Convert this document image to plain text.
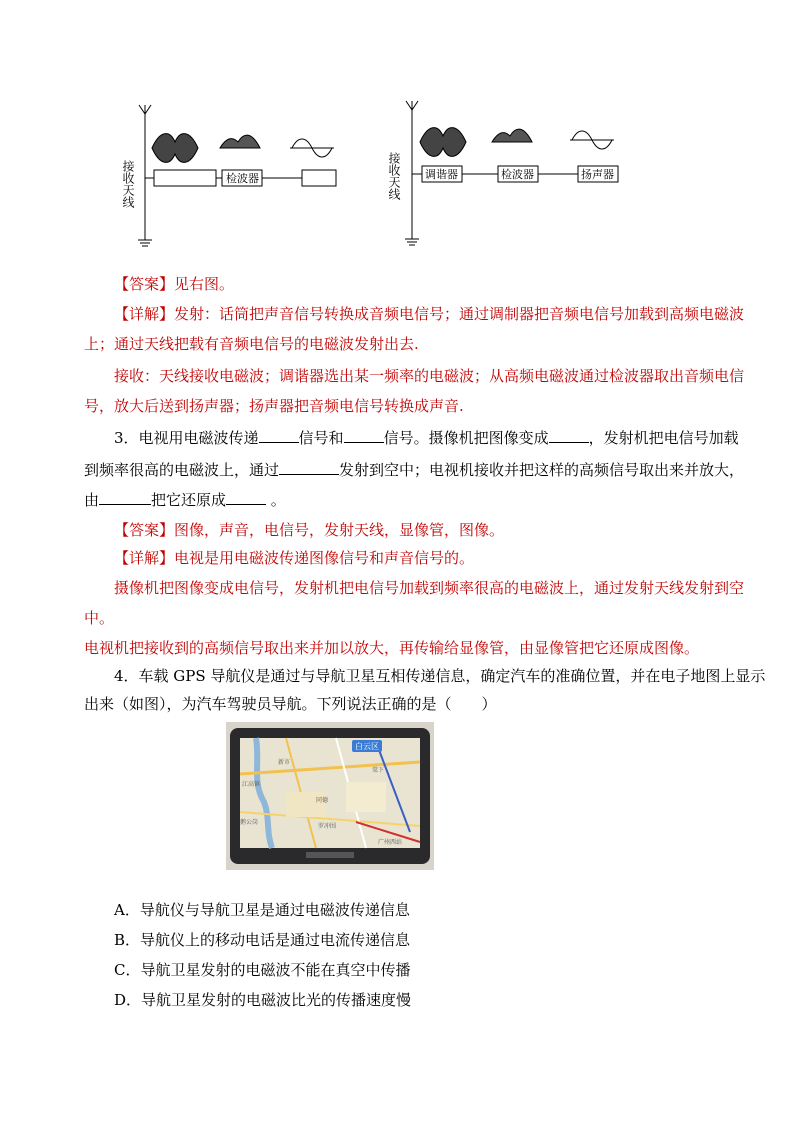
接收天线	检波器	接收天线 调谐器	检波器	扬声器
【答案】见右图。
【详解】发射：话筒把声音信号转换成音频电信号；通过调制器把音频电信号加载到高频电磁波
上；通过天线把载有音频电信号的电磁波发射出去.
接收：天线接收电磁波；调谐器选出某一频率的电磁波；从高频电磁波通过检波器取出音频电信
号，放大后送到扬声器；扬声器把音频电信号转换成声音.
3．电视用电磁波传递	信号和	信号。摄像机把图像变成	，发射机把电信号加载
到频率很高的电磁波上，通过	发射到空中；电视机接收并把这样的高频信号取出来并放大，
由	把它还原成	。
【答案】图像，声音，电信号，发射天线，显像管，图像。
【详解】电视是用电磁波传递图像信号和声音信号的。
摄像机把图像变成电信号，发射机把电信号加载到频率很高的电磁波上，通过发射天线发射到空
中。
电视机把接收到的高频信号取出来并加以放大，再传输给显像管，由显像管把它还原成图像。
4．车载 GPS 导航仪是通过与导航卫星互相传递信息，确定汽车的准确位置，并在电子地图上显示
出来（如图），为汽车驾驶员导航。下列说法正确的是（　　）
白云区
新市
棠下
同德
鹅公岗
罗冲围
广州西站
江高镇
A．导航仪与导航卫星是通过电磁波传递信息
B．导航仪上的移动电话是通过电流传递信息
C．导航卫星发射的电磁波不能在真空中传播
D．导航卫星发射的电磁波比光的传播速度慢
